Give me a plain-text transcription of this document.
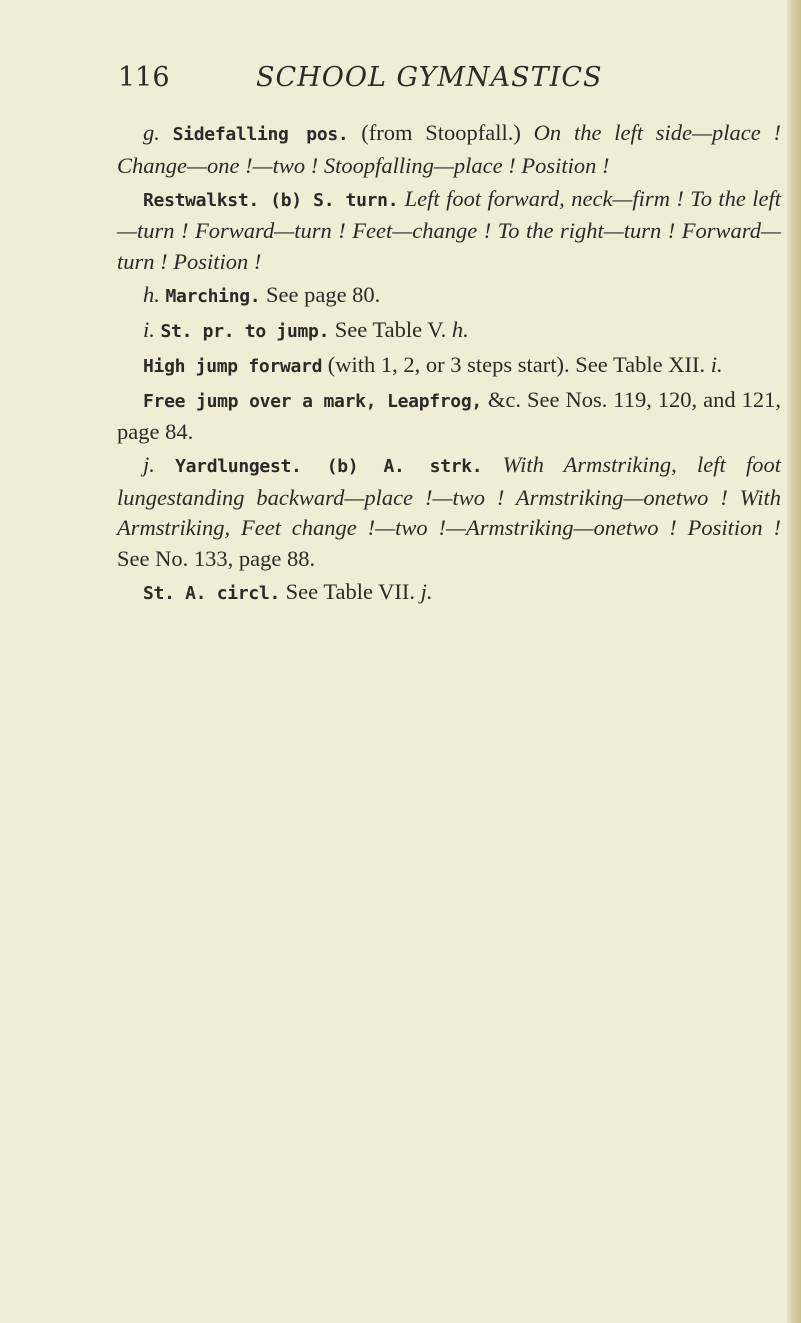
116	SCHOOL GYMNASTICS

g. Sidefalling pos. (from Stoopfall.) On the left side—place ! Change—one !—two ! Stoopfalling—place ! Position !

Restwalkst. (b) S. turn. Left foot forward, neck—firm ! To the left—turn ! Forward—turn ! Feet—change ! To the right—turn ! Forward—turn ! Position !

h. Marching. See page 80.

i. St. pr. to jump. See Table V. h.

High jump forward (with 1, 2, or 3 steps start). See Table XII. i.

Free jump over a mark, Leapfrog, &c. See Nos. 119, 120, and 121, page 84.

j. Yardlungest. (b) A. strk. With Armstriking, left foot lungestanding backward—place !—two ! Armstriking—onetwo ! With Armstriking, Feet change !—two !—Armstriking—onetwo ! Position ! See No. 133, page 88.

St. A. circl. See Table VII. j.
